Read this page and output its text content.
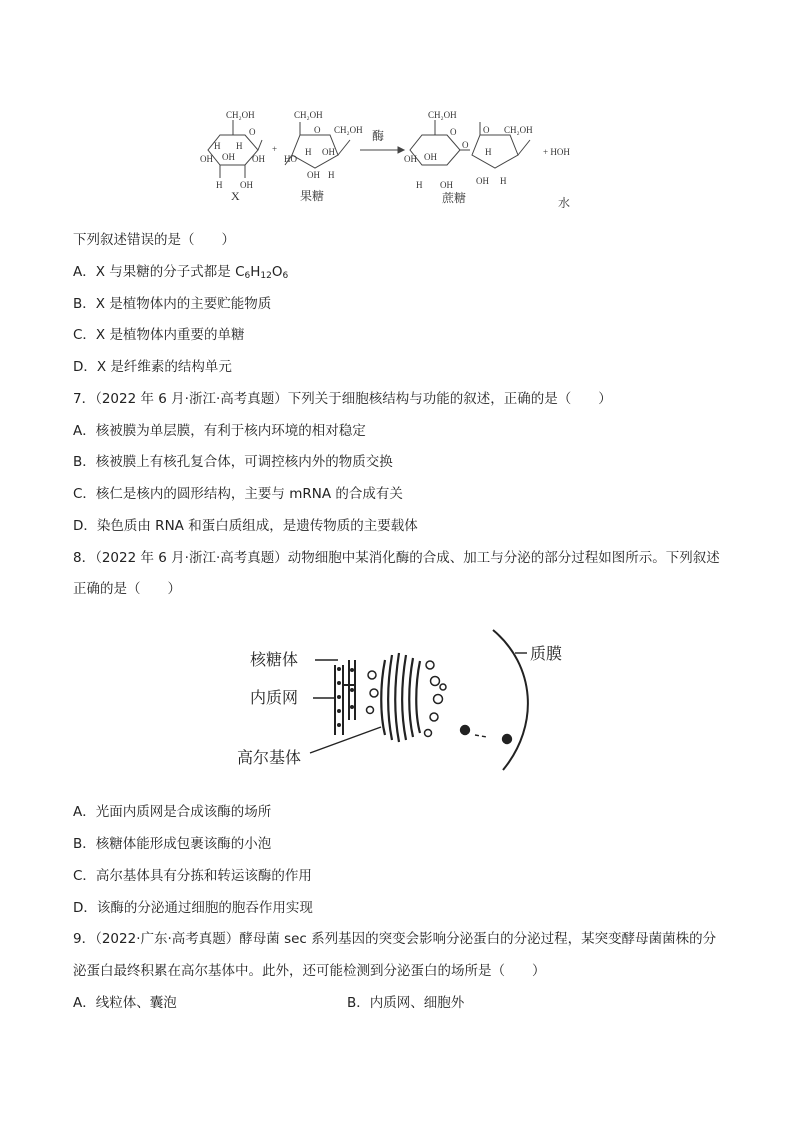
CH₂OH
O
H H
OH
OH	OH
H OH
X
+
CH₂OH
O CH₂OH
HO
H OH
OH H
果糖
酶
CH₂OH
O
O
O CH₂OH
OH OH
H OH
H
OH H
蔗糖
+ HOH
水
下列叙述错误的是（　　）
A．X 与果糖的分子式都是 $C_6H_{12}O_6$
B．X 是植物体内的主要贮能物质
C．X 是植物体内重要的单糖
D．X 是纤维素的结构单元
7．（2022 年 6 月·浙江·高考真题）下列关于细胞核结构与功能的叙述，正确的是（　　）
A．核被膜为单层膜，有利于核内环境的相对稳定
B．核被膜上有核孔复合体，可调控核内外的物质交换
C．核仁是核内的圆形结构，主要与 mRNA 的合成有关
D．染色质由 RNA 和蛋白质组成，是遗传物质的主要载体
8．（2022 年 6 月·浙江·高考真题）动物细胞中某消化酶的合成、加工与分泌的部分过程如图所示。下列叙述
正确的是（　　）
核糖体
内质网
高尔基体
质膜
A．光面内质网是合成该酶的场所
B．核糖体能形成包裹该酶的小泡
C．高尔基体具有分拣和转运该酶的作用
D．该酶的分泌通过细胞的胞吞作用实现
9．（2022·广东·高考真题）酵母菌 sec 系列基因的突变会影响分泌蛋白的分泌过程，某突变酵母菌菌株的分
泌蛋白最终积累在高尔基体中。此外，还可能检测到分泌蛋白的场所是（　　）
A．线粒体、囊泡	B．内质网、细胞外
